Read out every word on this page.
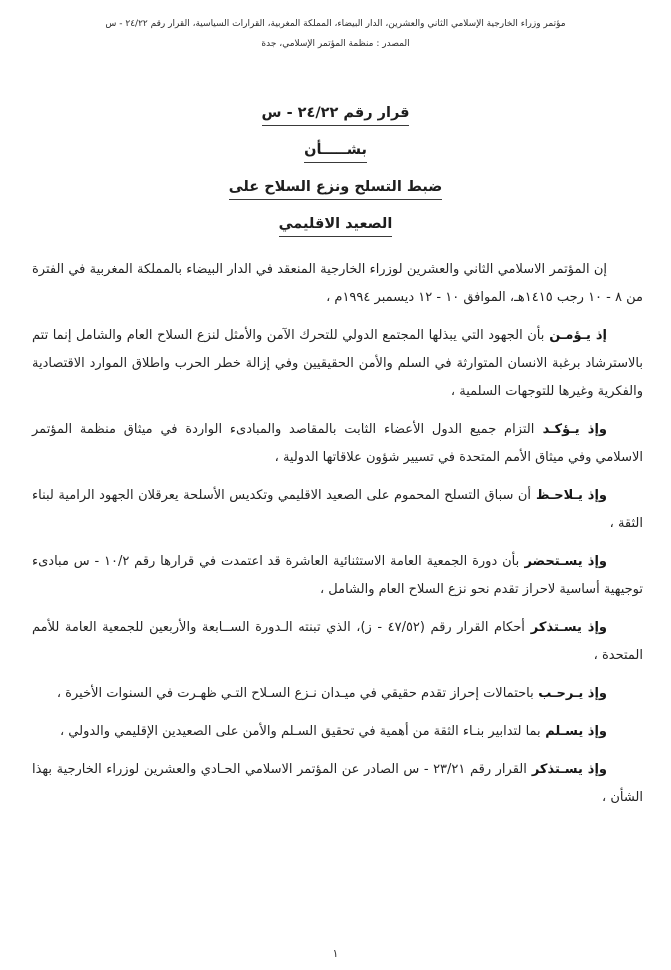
مؤتمر وزراء الخارجية الإسلامي الثاني والعشرين، الدار البيضاء، المملكة المغربية، القرارات السياسية، القرار رقم ٢٤/٢٢ - س
المصدر : منظمة المؤتمر الإسلامي، جدة
قرار رقم ٢٤/٢٢ - س
بشـــــأن
ضبط التسلح ونزع السلاح على
الصعيد الاقليمي

إن المؤتمر الاسلامي الثاني والعشرين لوزراء الخارجية المنعقد في الدار البيضاء بالمملكة المغربية في الفترة من ٨ - ١٠ رجب ١٤١٥هـ، الموافق ١٠ - ١٢ ديسمبر ١٩٩٤م ،

إذ يـؤمـن بأن الجهود التي يبذلها المجتمع الدولي للتحرك الآمن والأمثل لنزع السلاح العام والشامل إنما تتم بالاسترشاد برغبة الانسان المتوارثة في السلم والأمن الحقيقيين وفي إزالة خطر الحرب واطلاق الموارد الاقتصادية والفكرية وغيرها للتوجهات السلمية ،

وإذ يـؤكـد التزام جميع الدول الأعضاء الثابت بالمقاصد والمبادىء الواردة في ميثاق منظمة المؤتمر الاسلامي وفي ميثاق الأمم المتحدة في تسيير شؤون علاقاتها الدولية ،

وإذ يـلاحـظ أن سباق التسلح المحموم على الصعيد الاقليمي وتكديس الأسلحة يعرقلان الجهود الرامية لبناء الثقة ،

وإذ يسـتحضر بأن دورة الجمعية العامة الاستثنائية العاشرة قد اعتمدت في قرارها رقم ١٠/٢ - س مبادىء توجيهية أساسية لاحراز تقدم نحو نزع السلاح العام والشامل ،

وإذ يسـتذكر أحكام القرار رقم (٤٧/٥٢ - ز)، الذي تبنته الـدورة الســابعة والأربعين للجمعية العامة للأمم المتحدة ،

وإذ يـرحـب باحتمالات إحراز تقدم حقيقي في ميـدان نـزع السـلاح التـي ظهـرت في السنوات الأخيرة ،

وإذ يسـلم بما لتدابير بنـاء الثقة من أهمية في تحقيق السـلم والأمن على الصعيدين الإقليمي والدولي ،

وإذ يسـتذكر القرار رقم ٢٣/٢١ - س الصادر عن المؤتمر الاسلامي الحـادي والعشرين لوزراء الخارجية بهذا الشأن ،

١
